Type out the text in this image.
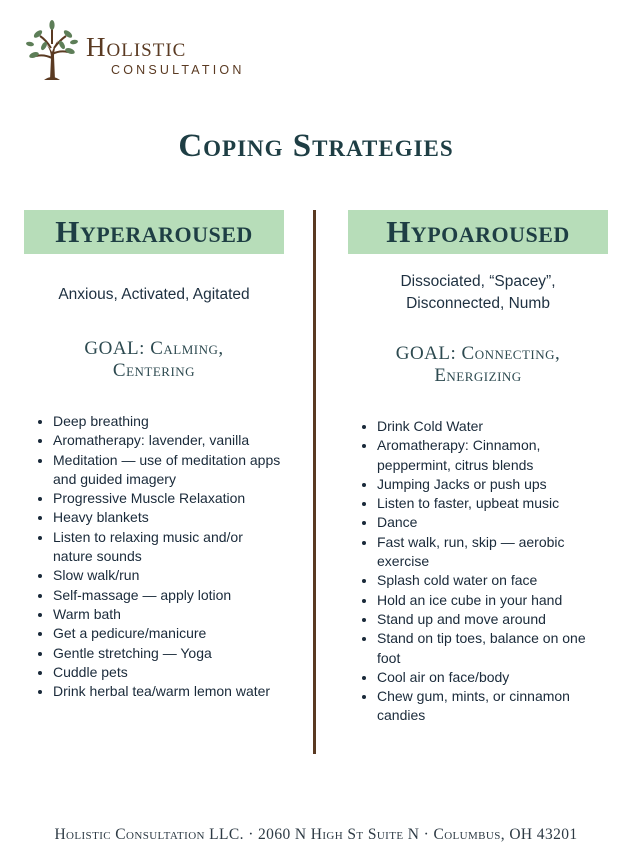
Holistic
CONSULTATION
Coping Strategies
Hyperaroused

Anxious, Activated, Agitated

GOAL: Calming,
Centering

Deep breathing
Aromatherapy: lavender, vanilla
Meditation — use of meditation apps and guided imagery
Progressive Muscle Relaxation
Heavy blankets
Listen to relaxing music and/or nature sounds
Slow walk/run
Self-massage — apply lotion
Warm bath
Get a pedicure/manicure
Gentle stretching — Yoga
Cuddle pets
Drink herbal tea/warm lemon water
Hypoaroused

Dissociated, “Spacey”,
Disconnected, Numb

GOAL: Connecting,
Energizing

Drink Cold Water
Aromatherapy: Cinnamon, peppermint, citrus blends
Jumping Jacks or push ups
Listen to faster, upbeat music
Dance
Fast walk, run, skip — aerobic exercise
Splash cold water on face
Hold an ice cube in your hand
Stand up and move around
Stand on tip toes, balance on one foot
Cool air on face/body
Chew gum, mints, or cinnamon candies
Holistic Consultation LLC. · 2060 N High St Suite N · Columbus, OH 43201
